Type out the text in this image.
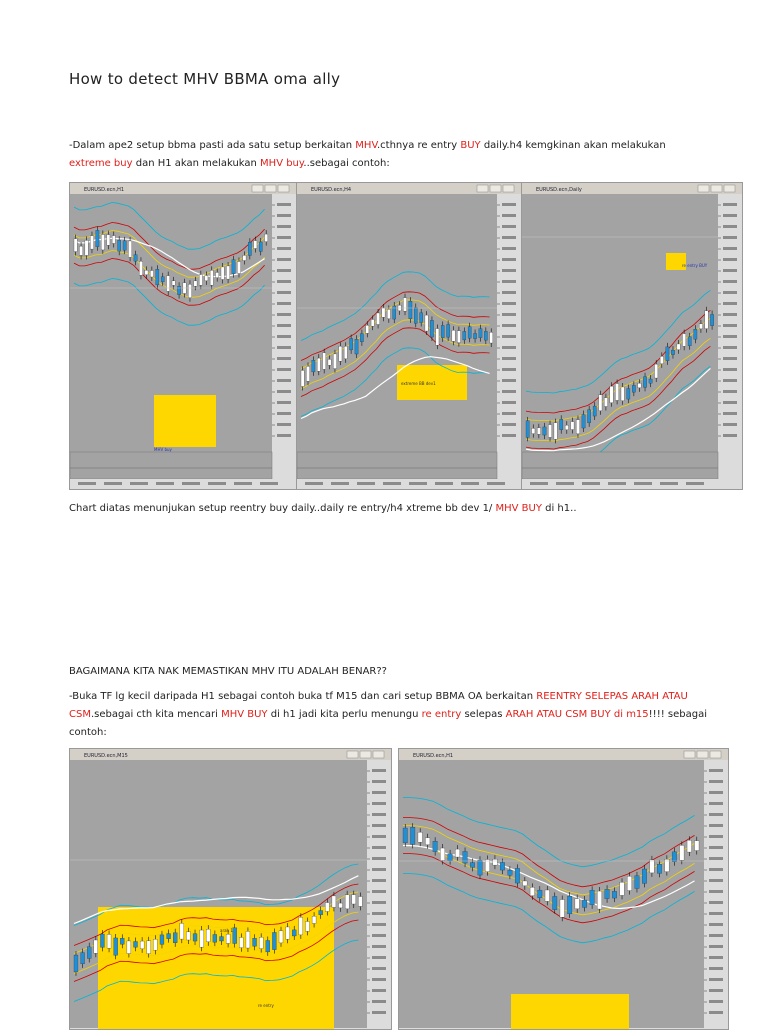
How to detect MHV BBMA oma ally
-Dalam ape2 setup bbma pasti ada satu setup berkaitan MHV.cthnya re entry BUY daily.h4 kemgkinan akan melakukan extreme buy dan H1 akan melakukan MHV buy..sebagai contoh:
EURUSD.ecn,H1
MHV buy
EURUSD.ecn,H4
extreme BB dev1
EURUSD.ecn,Daily
re entry BUY
Chart diatas menunjukan setup reentry buy daily..daily re entry/h4 xtreme bb dev 1/ MHV BUY di h1..
BAGAIMANA KITA NAK MEMASTIKAN MHV ITU ADALAH BENAR??
-Buka TF lg kecil daripada H1 sebagai contoh buka tf M15 dan cari setup BBMA OA berkaitan REENTRY SELEPAS ARAH ATAU CSM.sebagai cth kita mencari MHV BUY di h1 jadi kita perlu menungu re entry selepas ARAH ATAU CSM BUY di m15!!!! sebagai contoh:
EURUSD.ecn,M15
arah 1
re entry
EURUSD.ecn,H1
